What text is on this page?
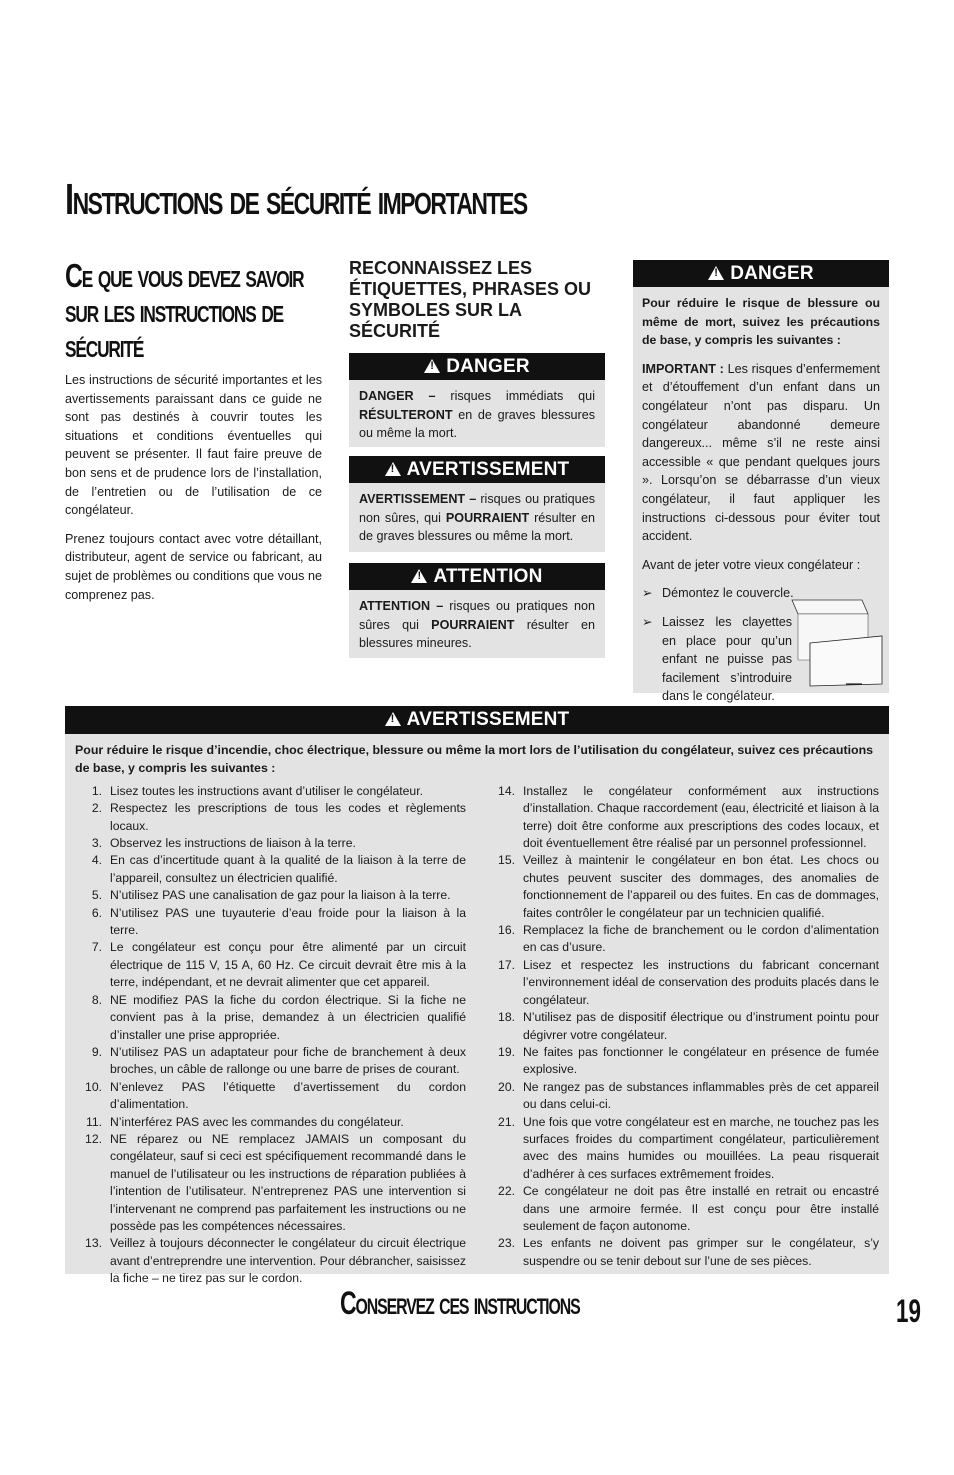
Instructions de sécurité importantes
Ce que vous devez savoir sur les instructions de sécurité

Les instructions de sécurité importantes et les avertissements paraissant dans ce guide ne sont pas destinés à couvrir toutes les situations et conditions éventuelles qui peuvent se présenter. Il faut faire preuve de bon sens et de prudence lors de l’installation, de l’entretien ou de l’utilisation de ce congélateur.

Prenez toujours contact avec votre détaillant, distributeur, agent de service ou fabricant, au sujet de problèmes ou conditions que vous ne comprenez pas.

RECONNAISSEZ LES ÉTIQUETTES, PHRASES OU SYMBOLES SUR LA SÉCURITÉ
!
DANGER
DANGER – risques immédiats qui RÉSULTERONT en de graves blessures ou même la mort.
!
AVERTISSEMENT
AVERTISSEMENT – risques ou pratiques non sûres, qui POURRAIENT résulter en de graves blessures ou même la mort.
!
ATTENTION
ATTENTION – risques ou pratiques non sûres qui POURRAIENT résulter en blessures mineures.
!
DANGER

Pour réduire le risque de blessure ou même de mort, suivez les précautions de base, y compris les suivantes :

IMPORTANT : Les risques d’enfermement et d’étouffement d’un enfant dans un congélateur n’ont pas disparu. Un congélateur abandonné demeure dangereux... même s’il ne reste ainsi accessible « que pendant quelques jours ». Lorsqu’on se débarrasse d’un vieux congélateur, il faut appliquer les instructions ci-dessous pour éviter tout accident.

Avant de jeter votre vieux congélateur :

➢ Démontez le couvercle.
➢ Laissez les clayettes en place pour qu’un enfant ne puisse pas facilement s’introduire dans le congélateur.
!
AVERTISSEMENT
Pour réduire le risque d’incendie, choc électrique, blessure ou même la mort lors de l’utilisation du congélateur, suivez ces précautions de base, y compris les suivantes :
1. Lisez toutes les instructions avant d’utiliser le congélateur.
2. Respectez les prescriptions de tous les codes et règlements locaux.
3. Observez les instructions de liaison à la terre.
4. En cas d’incertitude quant à la qualité de la liaison à la terre de l’appareil, consultez un électricien qualifié.
5. N’utilisez PAS une canalisation de gaz pour la liaison à la terre.
6. N’utilisez PAS une tuyauterie d’eau froide pour la liaison à la terre.
7. Le congélateur est conçu pour être alimenté par un circuit électrique de 115 V, 15 A, 60 Hz. Ce circuit devrait être mis à la terre, indépendant, et ne devrait alimenter que cet appareil.
8. NE modifiez PAS la fiche du cordon électrique. Si la fiche ne convient pas à la prise, demandez à un électricien qualifié d’installer une prise appropriée.
9. N’utilisez PAS un adaptateur pour fiche de branchement à deux broches, un câble de rallonge ou une barre de prises de courant.
10. N’enlevez PAS l’étiquette d’avertissement du cordon d’alimentation.
11. N’interférez PAS avec les commandes du congélateur.
12. NE réparez ou NE remplacez JAMAIS un composant du congélateur, sauf si ceci est spécifiquement recommandé dans le manuel de l’utilisateur ou les instructions de réparation publiées à l’intention de l’utilisateur. N’entreprenez PAS une intervention si l’intervenant ne comprend pas parfaitement les instructions ou ne possède pas les compétences nécessaires.
13. Veillez à toujours déconnecter le congélateur du circuit électrique avant d’entreprendre une intervention. Pour débrancher, saisissez la fiche – ne tirez pas sur le cordon.
14. Installez le congélateur conformément aux instructions d’installation. Chaque raccordement (eau, électricité et liaison à la terre) doit être conforme aux prescriptions des codes locaux, et doit éventuellement être réalisé par un personnel professionnel.
15. Veillez à maintenir le congélateur en bon état. Les chocs ou chutes peuvent susciter des dommages, des anomalies de fonctionnement de l’appareil ou des fuites. En cas de dommages, faites contrôler le congélateur par un technicien qualifié.
16. Remplacez la fiche de branchement ou le cordon d’alimentation en cas d’usure.
17. Lisez et respectez les instructions du fabricant concernant l’environnement idéal de conservation des produits placés dans le congélateur.
18. N’utilisez pas de dispositif électrique ou d’instrument pointu pour dégivrer votre congélateur.
19. Ne faites pas fonctionner le congélateur en présence de fumée explosive.
20. Ne rangez pas de substances inflammables près de cet appareil ou dans celui-ci.
21. Une fois que votre congélateur est en marche, ne touchez pas les surfaces froides du compartiment congélateur, particulièrement avec des mains humides ou mouillées. La peau risquerait d’adhérer à ces surfaces extrêmement froides.
22. Ce congélateur ne doit pas être installé en retrait ou encastré dans une armoire fermée. Il est conçu pour être installé seulement de façon autonome.
23. Les enfants ne doivent pas grimper sur le congélateur, s’y suspendre ou se tenir debout sur l’une de ses pièces.
Conservez ces instructions	19
